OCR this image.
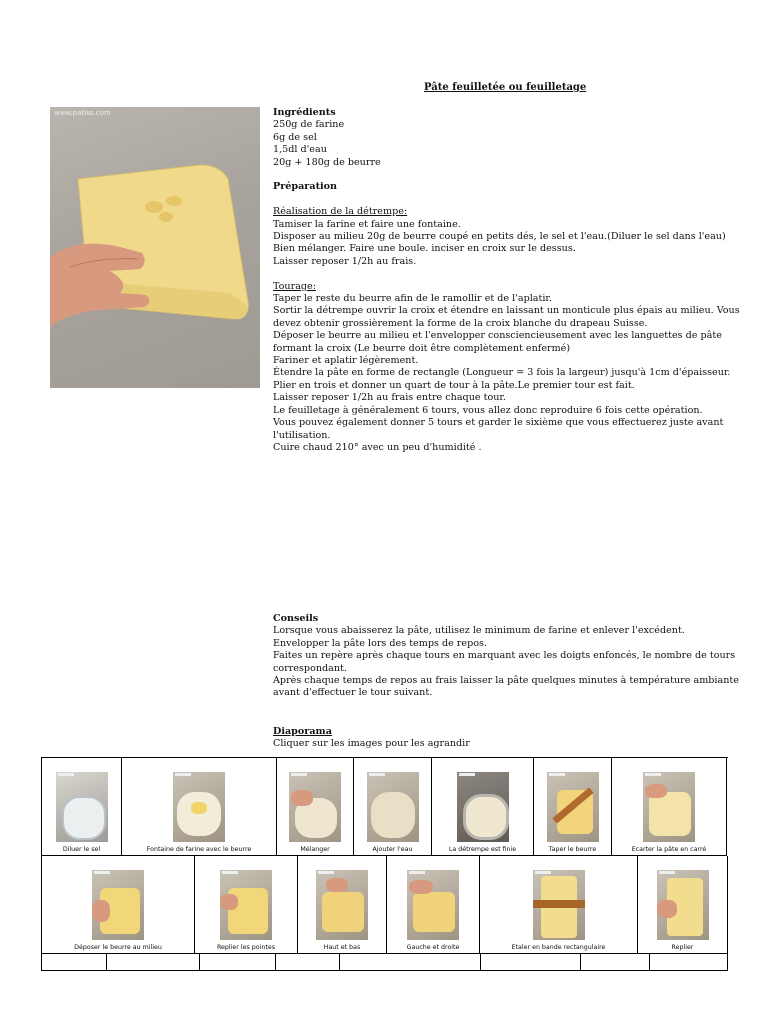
Pâte feuilletée ou feuilletage
www.patiss.com	Ingrédients

250g de farine

6g de sel

1,5dl d'eau

20g + 180g de beurre

Préparation

Réalisation de la détrempe:

Tamiser la farine et faire une fontaine.

Disposer au milieu 20g de beurre coupé en petits dés, le sel et l'eau.(Diluer le sel dans l'eau)

Bien mélanger. Faire une boule. inciser en croix sur le dessus.

Laisser reposer 1/2h au frais.

Tourage:

Taper le reste du beurre afin de le ramollir et de l'aplatir.

Sortir la détrempe ouvrir la croix et étendre en laissant un monticule plus épais au milieu. Vous

devez obtenir grossièrement la forme de la croix blanche du drapeau Suisse.

Déposer le beurre au milieu et l'envelopper consciencieusement avec les languettes de pâte

formant la croix (Le beurre doit être complètement enfermé)

Fariner et aplatir légèrement.

Étendre la pâte en forme de rectangle (Longueur = 3 fois la largeur) jusqu'à 1cm d'épaisseur.

Plier en trois et donner un quart de tour à la pâte.Le premier tour est fait.

Laisser reposer 1/2h au frais entre chaque tour.

Le feuilletage à généralement 6 tours, vous allez donc reproduire 6 fois cette opération.

Vous pouvez également donner 5 tours et garder le sixième que vous effectuerez juste avant

l'utilisation.

Cuire chaud 210° avec un peu d'humidité .

Conseils

Lorsque vous abaisserez la pâte, utilisez le minimum de farine et enlever l'excédent.

Envelopper la pâte lors des temps de repos.

Faites un repère après chaque tours en marquant avec les doigts enfoncés, le nombre de tours

correspondant.

Après chaque temps de repos au frais laisser la pâte quelques minutes à température ambiante

avant d'effectuer le tour suivant.

Diaporama

Cliquer sur les images pour les agrandir

Diluer le sel	Fontaine de farine avec le beurre	Mélanger	Ajouter l'eau	La détrempe est finie	Taper le beurre	Ecarter la pâte en carré
Déposer le beurre au milieu	Replier les pointes	Haut et bas	Gauche et droite	Etaler en bande rectangulaire	Replier
